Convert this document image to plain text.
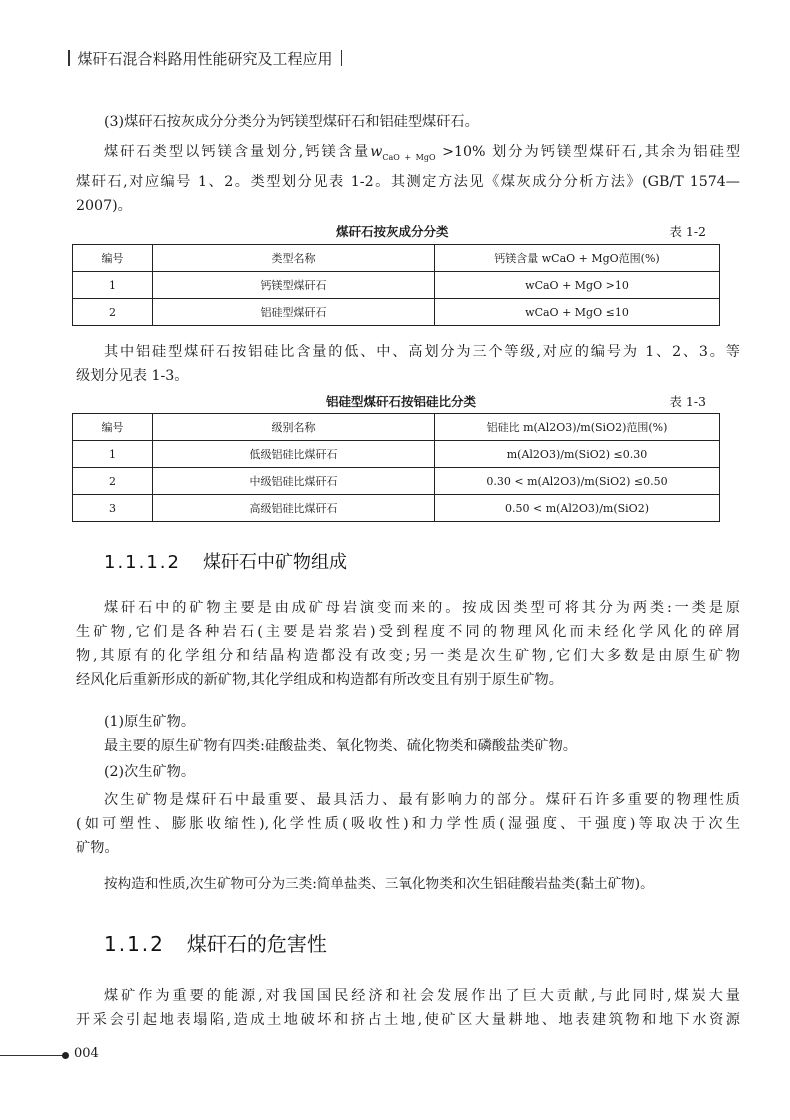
煤矸石混合料路用性能研究及工程应用

(3)煤矸石按灰成分分类分为钙镁型煤矸石和铝硅型煤矸石。

煤矸石类型以钙镁含量划分,钙镁含量$w_{CaO + MgO} >10\%$ 划分为钙镁型煤矸石,其余为铝硅型
煤矸石,对应编号 1、2。类型划分见表 1-2。其测定方法见《煤灰成分分析方法》(GB/T 1574—
2007)。
煤矸石按灰成分分类	表 1-2
编号	类型名称	钙镁含量 wCaO + MgO范围(%)
1	钙镁型煤矸石	wCaO + MgO >10
2	铝硅型煤矸石	wCaO + MgO ≤10
其中铝硅型煤矸石按铝硅比含量的低、中、高划分为三个等级,对应的编号为 1、2、3。等
级划分见表 1-3。
铝硅型煤矸石按铝硅比分类	表 1-3
编号	级别名称	铝硅比 m(Al2O3)/m(SiO2)范围(%)
1	低级铝硅比煤矸石	m(Al2O3)/m(SiO2) ≤0.30
2	中级铝硅比煤矸石	0.30 < m(Al2O3)/m(SiO2) ≤0.50
3	高级铝硅比煤矸石	0.50 < m(Al2O3)/m(SiO2)
1.1.1.2 煤矸石中矿物组成
煤矸石中的矿物主要是由成矿母岩演变而来的。按成因类型可将其分为两类:一类是原
生矿物,它们是各种岩石(主要是岩浆岩)受到程度不同的物理风化而未经化学风化的碎屑
物,其原有的化学组分和结晶构造都没有改变;另一类是次生矿物,它们大多数是由原生矿物
经风化后重新形成的新矿物,其化学组成和构造都有所改变且有别于原生矿物。

(1)原生矿物。

最主要的原生矿物有四类:硅酸盐类、氧化物类、硫化物类和磷酸盐类矿物。

(2)次生矿物。

次生矿物是煤矸石中最重要、最具活力、最有影响力的部分。煤矸石许多重要的物理性质
(如可塑性、膨胀收缩性),化学性质(吸收性)和力学性质(湿强度、干强度)等取决于次生
矿物。

按构造和性质,次生矿物可分为三类:简单盐类、三氧化物类和次生铝硅酸岩盐类(黏土矿物)。

1.1.2 煤矸石的危害性
煤矿作为重要的能源,对我国国民经济和社会发展作出了巨大贡献,与此同时,煤炭大量
开采会引起地表塌陷,造成土地破坏和挤占土地,使矿区大量耕地、地表建筑物和地下水资源
004
